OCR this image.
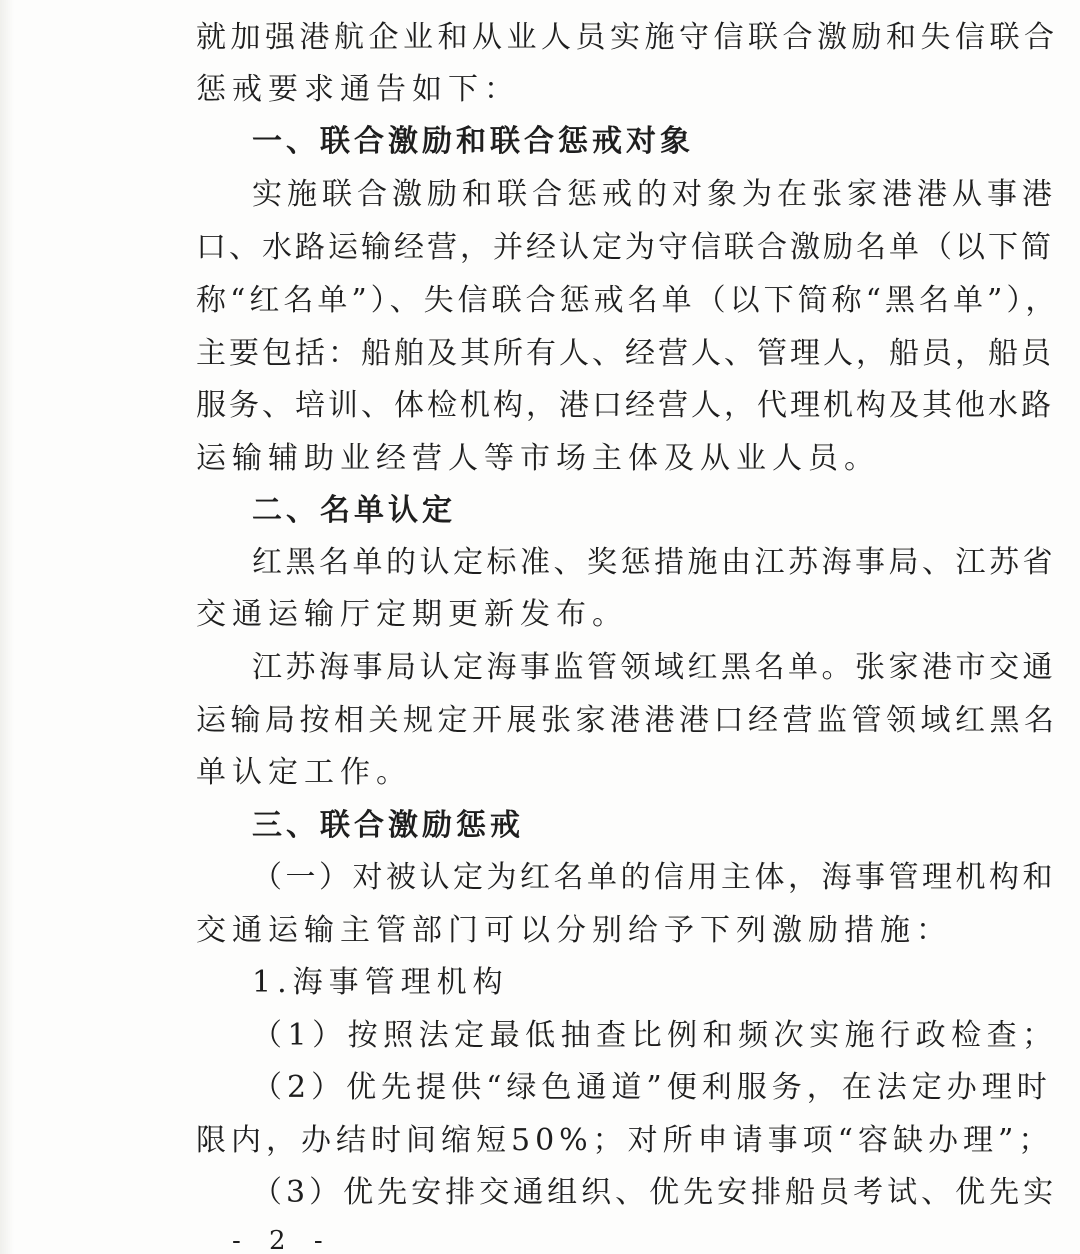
就加强港航企业和从业人员实施守信联合激励和失信联合
惩戒要求通告如下：
一、联合激励和联合惩戒对象
实施联合激励和联合惩戒的对象为在张家港港从事港
口、水路运输经营，并经认定为守信联合激励名单（以下简
称“红名单”）、失信联合惩戒名单（以下简称“黑名单”），
主要包括：船舶及其所有人、经营人、管理人，船员，船员
服务、培训、体检机构，港口经营人，代理机构及其他水路
运输辅助业经营人等市场主体及从业人员。
二、名单认定
红黑名单的认定标准、奖惩措施由江苏海事局、江苏省
交通运输厅定期更新发布。
江苏海事局认定海事监管领域红黑名单。张家港市交通
运输局按相关规定开展张家港港港口经营监管领域红黑名
单认定工作。
三、联合激励惩戒
（一）对被认定为红名单的信用主体，海事管理机构和
交通运输主管部门可以分别给予下列激励措施：
1.海事管理机构
（1）按照法定最低抽查比例和频次实施行政检查；
（2）优先提供“绿色通道”便利服务，在法定办理时
限内，办结时间缩短50%；对所申请事项“容缺办理”；
（3）优先安排交通组织、优先安排船员考试、优先实
- 2 -
